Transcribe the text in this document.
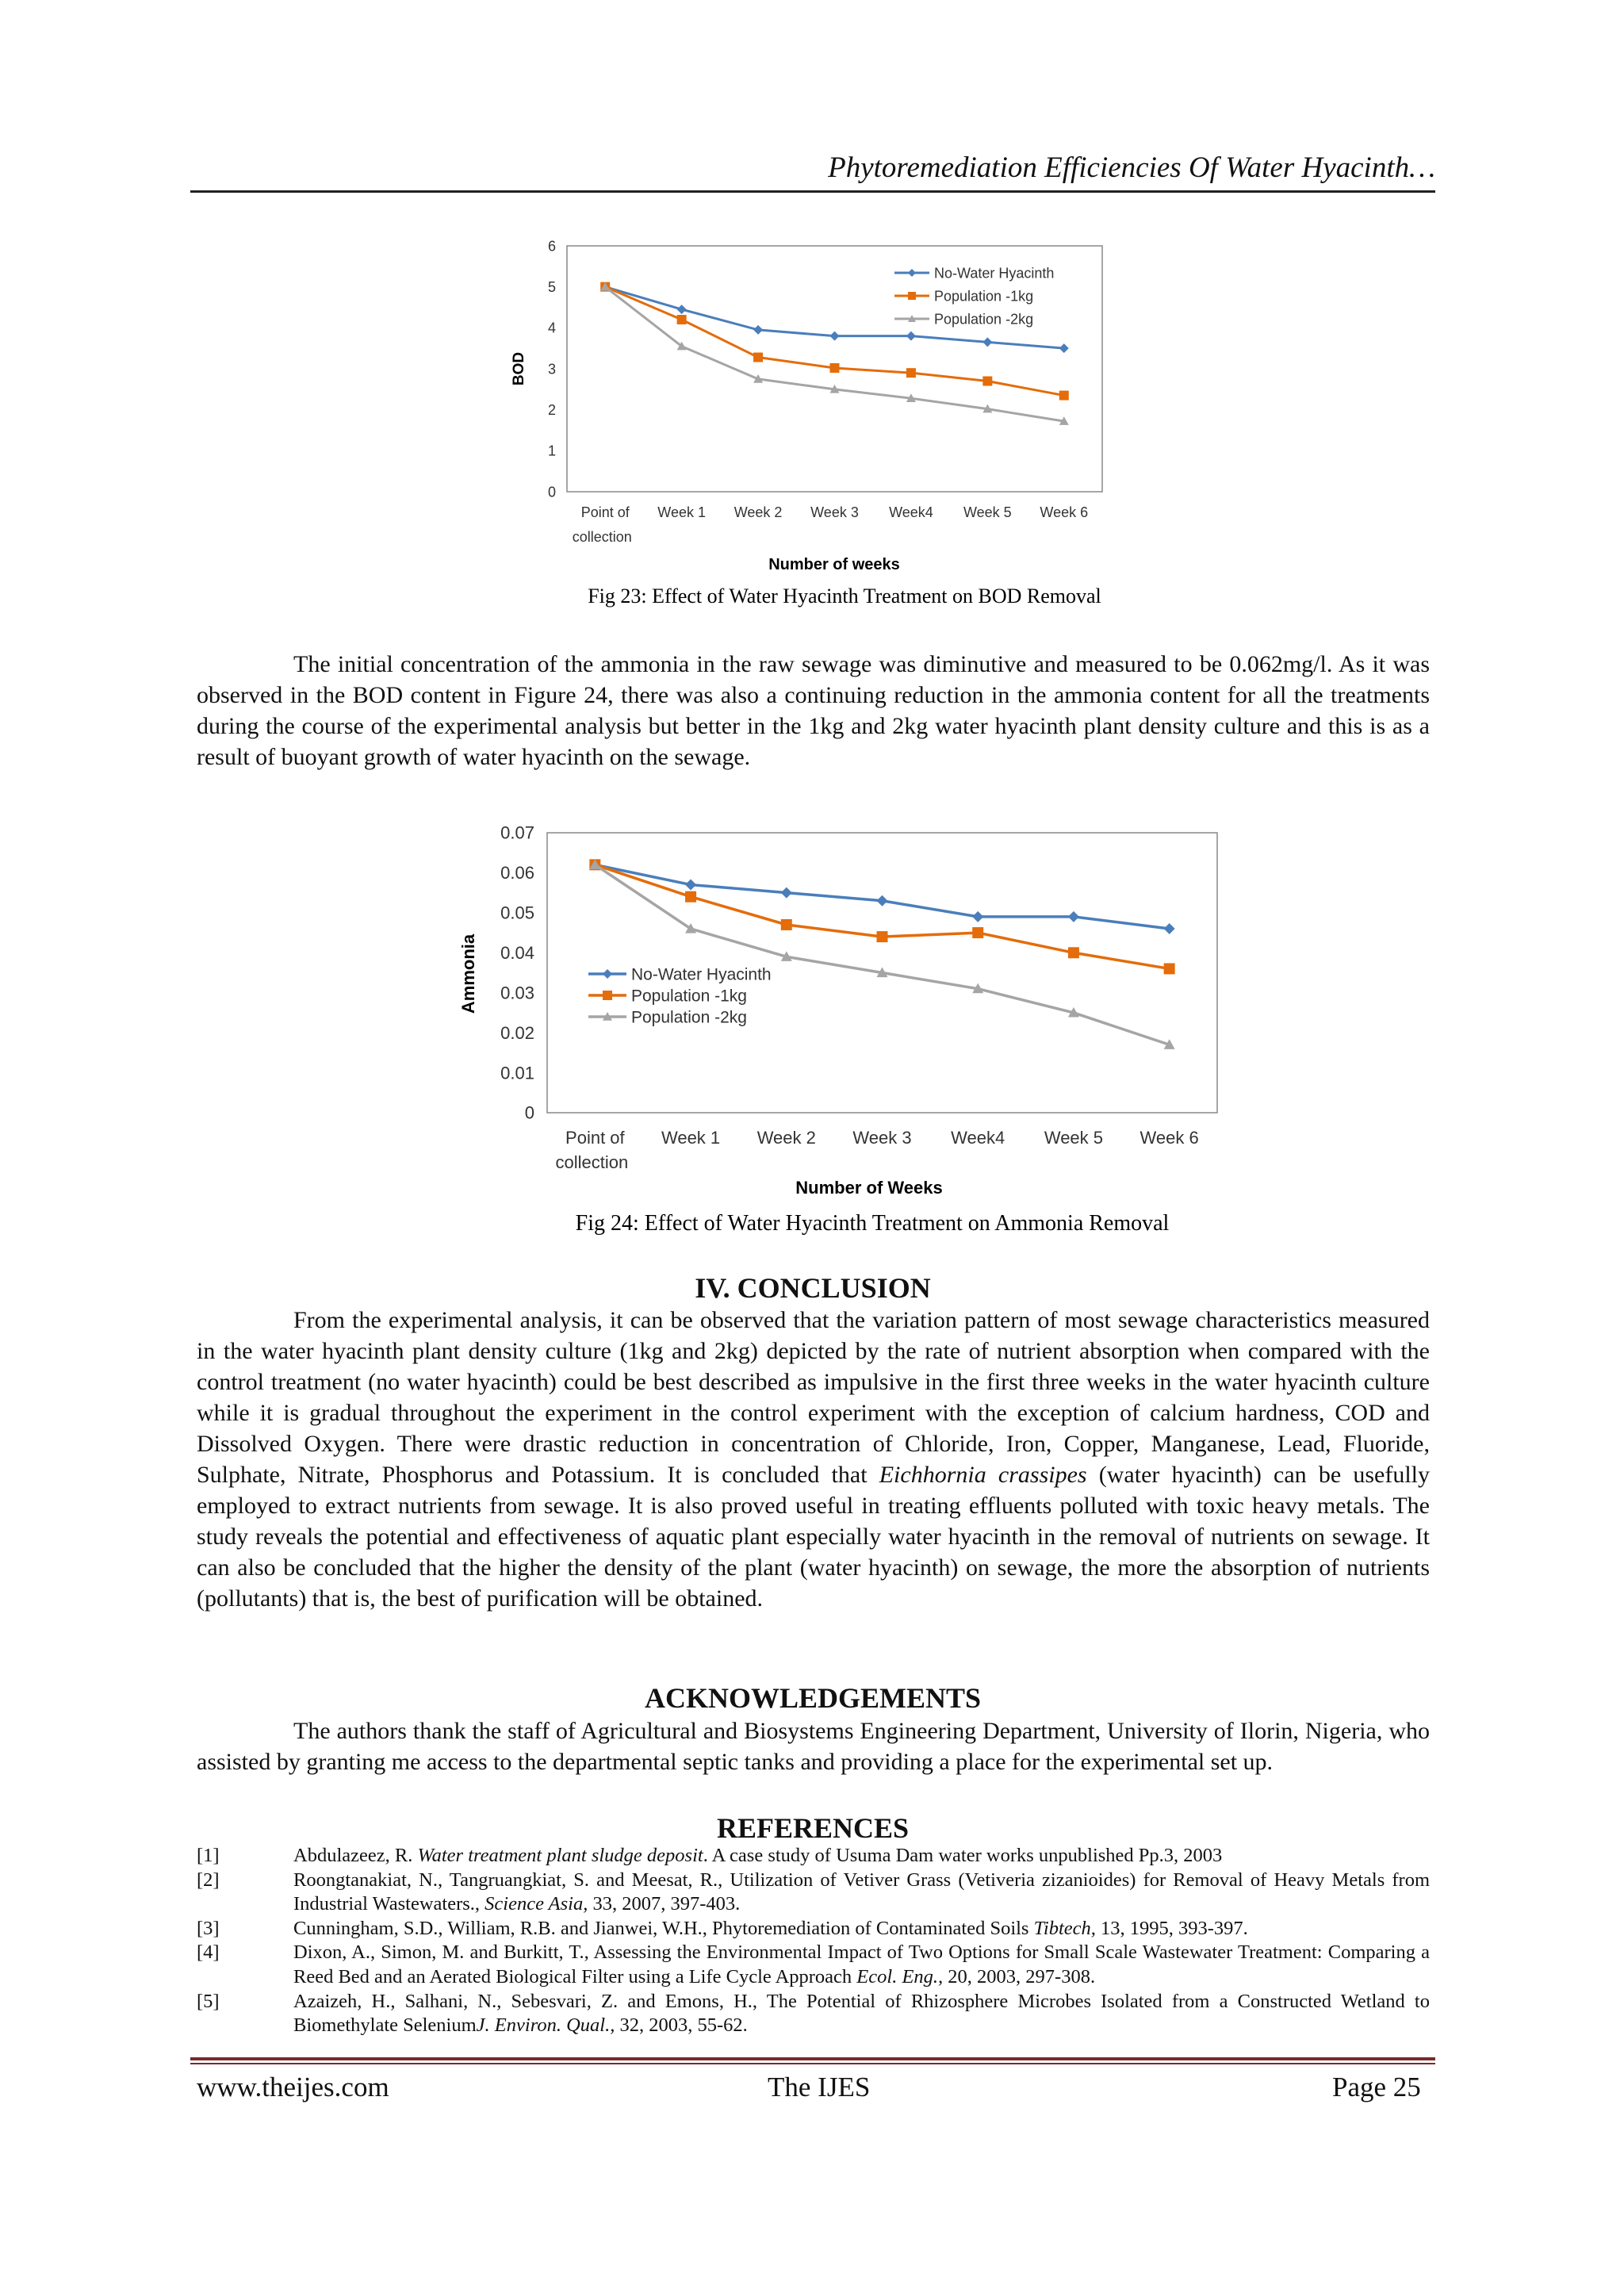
Phytoremediation Efficiencies Of Water Hyacinth…
0
1
2
3
4
5
6
Point of collection
Week 1 Week 2 Week 3 Week4 Week 5 Week 6
No-Water Hyacinth
Population -1kg
Population -2kg
BOD
Number of weeks
Fig 23: Effect of Water Hyacinth Treatment on BOD Removal

The initial concentration of the ammonia in the raw sewage was diminutive and measured to be 0.062mg/l. As it was observed in the BOD content in Figure 24, there was also a continuing reduction in the ammonia content for all the treatments during the course of the experimental analysis but better in the 1kg and 2kg water hyacinth plant density culture and this is as a result of buoyant growth of water hyacinth on the sewage.

0
0.01
0.02
0.03
0.04
0.05
0.06
0.07
Point of collection
Week 1 Week 2 Week 3 Week4 Week 5 Week 6
No-Water Hyacinth
Population -1kg
Population -2kg
Ammonia
Number of Weeks
Fig 24: Effect of Water Hyacinth Treatment on Ammonia Removal
IV. CONCLUSION

From the experimental analysis, it can be observed that the variation pattern of most sewage characteristics measured in the water hyacinth plant density culture (1kg and 2kg) depicted by the rate of nutrient absorption when compared with the control treatment (no water hyacinth) could be best described as impulsive in the first three weeks in the water hyacinth culture while it is gradual throughout the experiment in the control experiment with the exception of calcium hardness, COD and Dissolved Oxygen. There were drastic reduction in concentration of Chloride, Iron, Copper, Manganese, Lead, Fluoride, Sulphate, Nitrate, Phosphorus and Potassium. It is concluded that Eichhornia crassipes (water hyacinth) can be usefully employed to extract nutrients from sewage. It is also proved useful in treating effluents polluted with toxic heavy metals. The study reveals the potential and effectiveness of aquatic plant especially water hyacinth in the removal of nutrients on sewage. It can also be concluded that the higher the density of the plant (water hyacinth) on sewage, the more the absorption of nutrients (pollutants) that is, the best of purification will be obtained.

ACKNOWLEDGEMENTS

The authors thank the staff of Agricultural and Biosystems Engineering Department, University of Ilorin, Nigeria, who assisted by granting me access to the departmental septic tanks and providing a place for the experimental set up.

REFERENCES
[1]	Abdulazeez, R. Water treatment plant sludge deposit. A case study of Usuma Dam water works unpublished Pp.3, 2003
[2]	Roongtanakiat, N., Tangruangkiat, S. and Meesat, R., Utilization of Vetiver Grass (Vetiveria zizanioides) for Removal of Heavy Metals from Industrial Wastewaters., Science Asia, 33, 2007, 397-403.
[3]	Cunningham, S.D., William, R.B. and Jianwei, W.H., Phytoremediation of Contaminated Soils Tibtech, 13, 1995, 393-397.
[4]	Dixon, A., Simon, M. and Burkitt, T., Assessing the Environmental Impact of Two Options for Small Scale Wastewater Treatment: Comparing a Reed Bed and an Aerated Biological Filter using a Life Cycle Approach Ecol. Eng., 20, 2003, 297-308.
[5]	Azaizeh, H., Salhani, N., Sebesvari, Z. and Emons, H., The Potential of Rhizosphere Microbes Isolated from a Constructed Wetland to Biomethylate SeleniumJ. Environ. Qual., 32, 2003, 55-62.
www.theijes.com	The IJES	Page 25
